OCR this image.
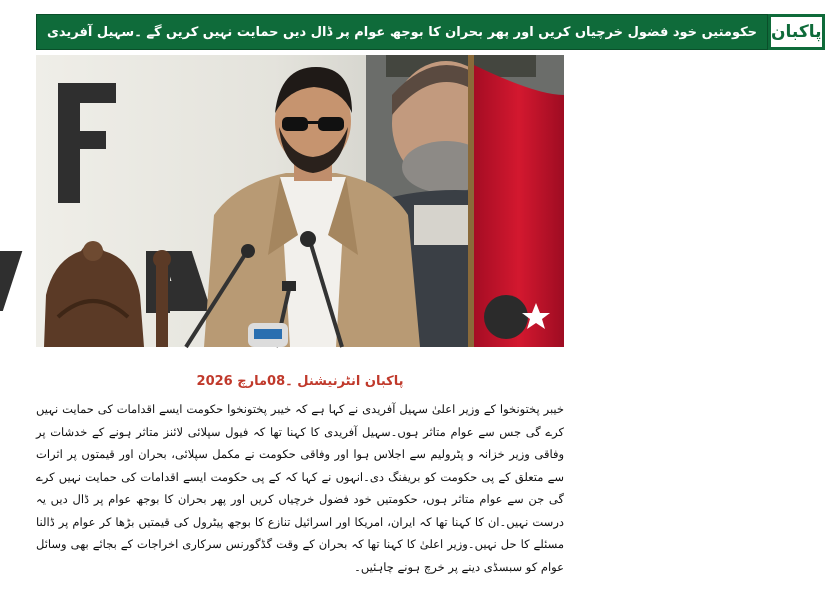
حکومتیں خود فضول خرچیاں کریں اور پھر بحران کا بوجھ عوام پر ڈال دیں حمایت نہیں کریں گے ۔سہیل آفریدی پاکبان
پاکبان انٹرنیشنل ۔08مارچ 2026
خیبر پختونخوا کے وزیر اعلیٰ سہیل آفریدی نے کہا ہے کہ خیبر پختونخوا حکومت ایسے اقدامات کی حمایت نہیں کرے گی جس سے عوام متاثر ہوں۔سہیل آفریدی کا کہنا تھا کہ فیول سپلائی لائنز متاثر ہونے کے خدشات پر وفاقی وزیر خزانہ و پٹرولیم سے اجلاس ہوا اور وفاقی حکومت نے مکمل سپلائی، بحران اور قیمتوں پر اثرات سے متعلق کے پی حکومت کو بریفنگ دی۔انہوں نے کہا کہ کے پی حکومت ایسے اقدامات کی حمایت نہیں کرے گی جن سے عوام متاثر ہوں، حکومتیں خود فضول خرچیاں کریں اور پھر بحران کا بوجھ عوام پر ڈال دیں یہ درست نہیں۔ان کا کہنا تھا کہ ایران، امریکا اور اسرائیل تنازع کا بوجھ پیٹرول کی قیمتیں بڑھا کر عوام پر ڈالنا مسئلے کا حل نہیں۔وزیر اعلیٰ کا کہنا تھا کہ بحران کے وقت گڈگورنس سرکاری اخراجات کے بجائے بھی وسائل عوام کو سبسڈی دینے پر خرچ ہونے چاہئیں۔
